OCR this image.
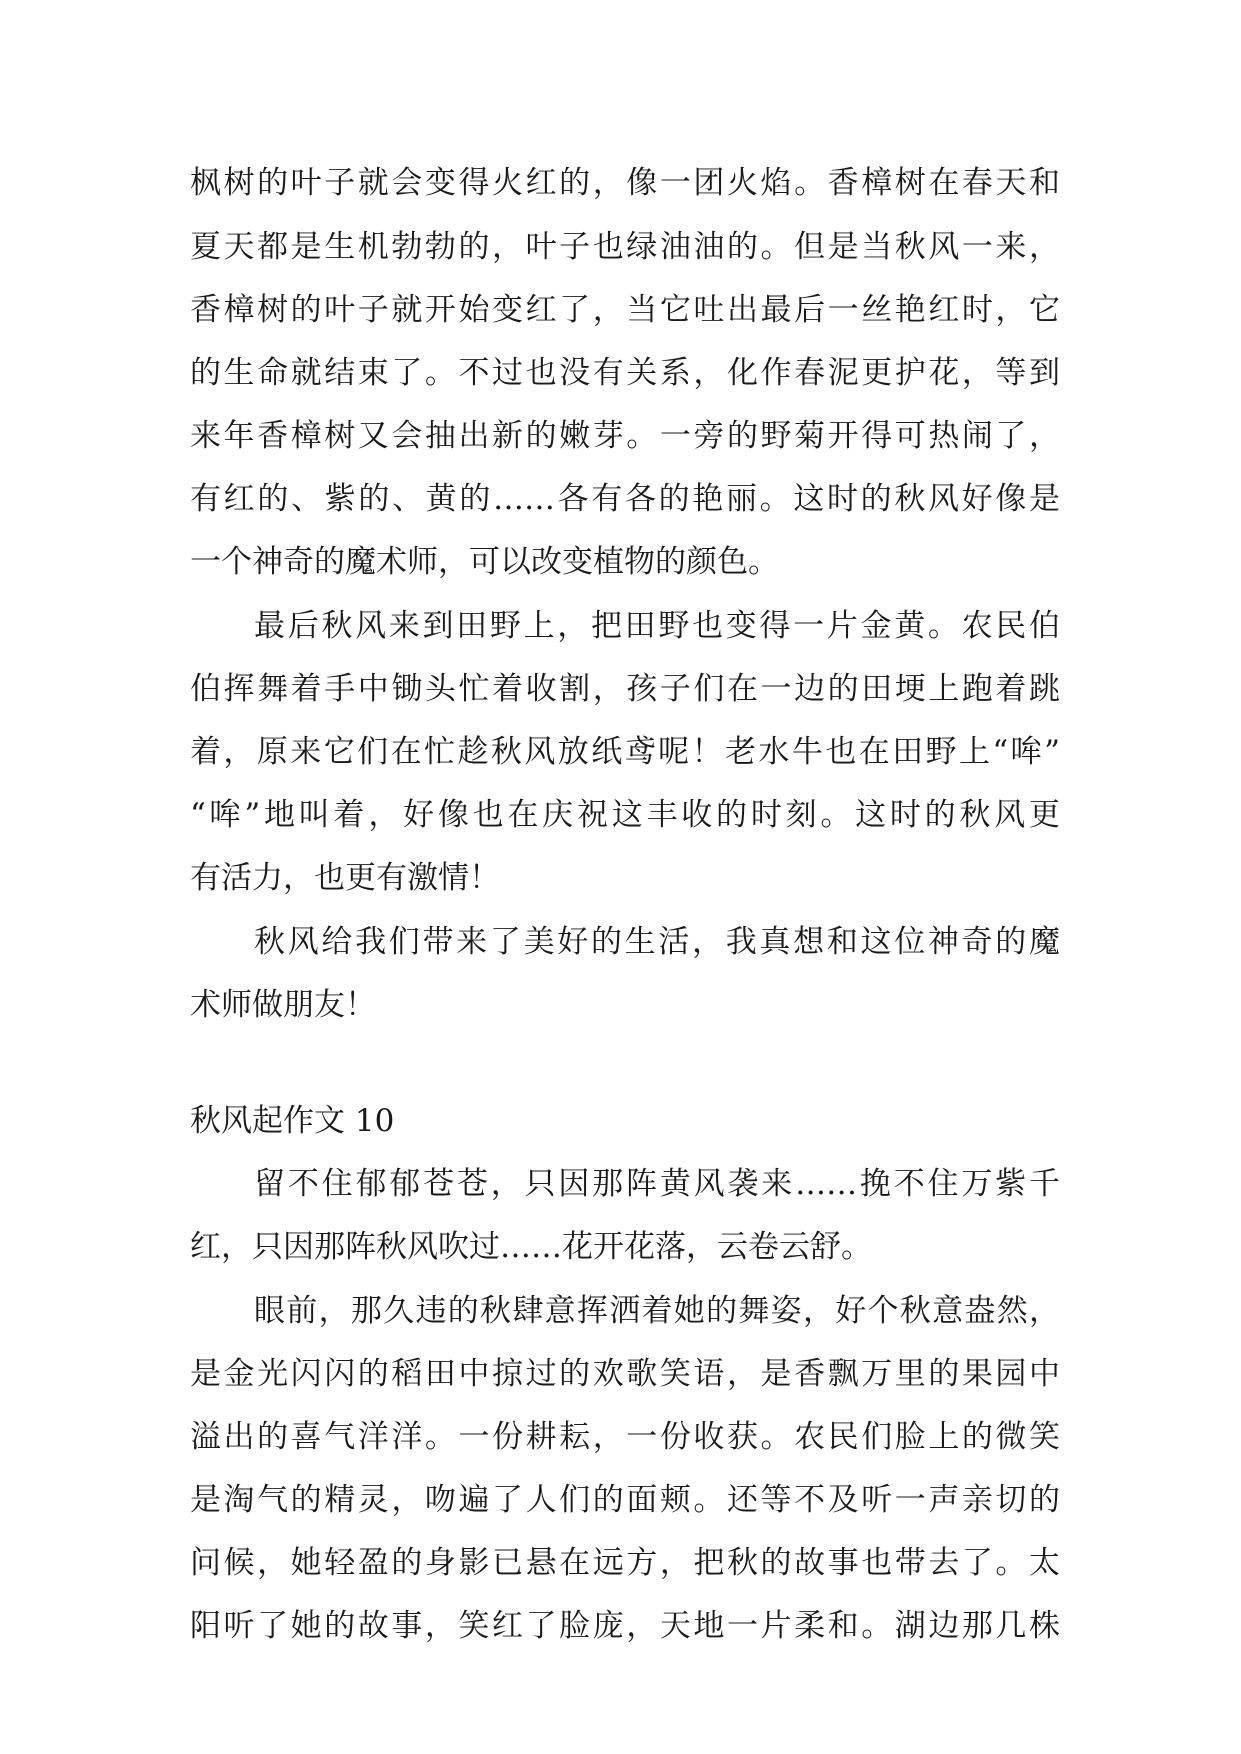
枫树的叶子就会变得火红的，像一团火焰。香樟树在春天和
夏天都是生机勃勃的，叶子也绿油油的。但是当秋风一来，
香樟树的叶子就开始变红了，当它吐出最后一丝艳红时，它
的生命就结束了。不过也没有关系，化作春泥更护花，等到
来年香樟树又会抽出新的嫩芽。一旁的野菊开得可热闹了，
有红的、紫的、黄的……各有各的艳丽。这时的秋风好像是
一个神奇的魔术师，可以改变植物的颜色。
最后秋风来到田野上，把田野也变得一片金黄。农民伯
伯挥舞着手中锄头忙着收割，孩子们在一边的田埂上跑着跳
着，原来它们在忙趁秋风放纸鸢呢！老水牛也在田野上“哞”
“哞”地叫着，好像也在庆祝这丰收的时刻。这时的秋风更
有活力，也更有激情！
秋风给我们带来了美好的生活，我真想和这位神奇的魔
术师做朋友！
秋风起作文 10
留不住郁郁苍苍，只因那阵黄风袭来……挽不住万紫千
红，只因那阵秋风吹过……花开花落，云卷云舒。
眼前，那久违的秋肆意挥洒着她的舞姿，好个秋意盎然，
是金光闪闪的稻田中掠过的欢歌笑语，是香飘万里的果园中
溢出的喜气洋洋。一份耕耘，一份收获。农民们脸上的微笑
是淘气的精灵，吻遍了人们的面颊。还等不及听一声亲切的
问候，她轻盈的身影已悬在远方，把秋的故事也带去了。太
阳听了她的故事，笑红了脸庞，天地一片柔和。湖边那几株
